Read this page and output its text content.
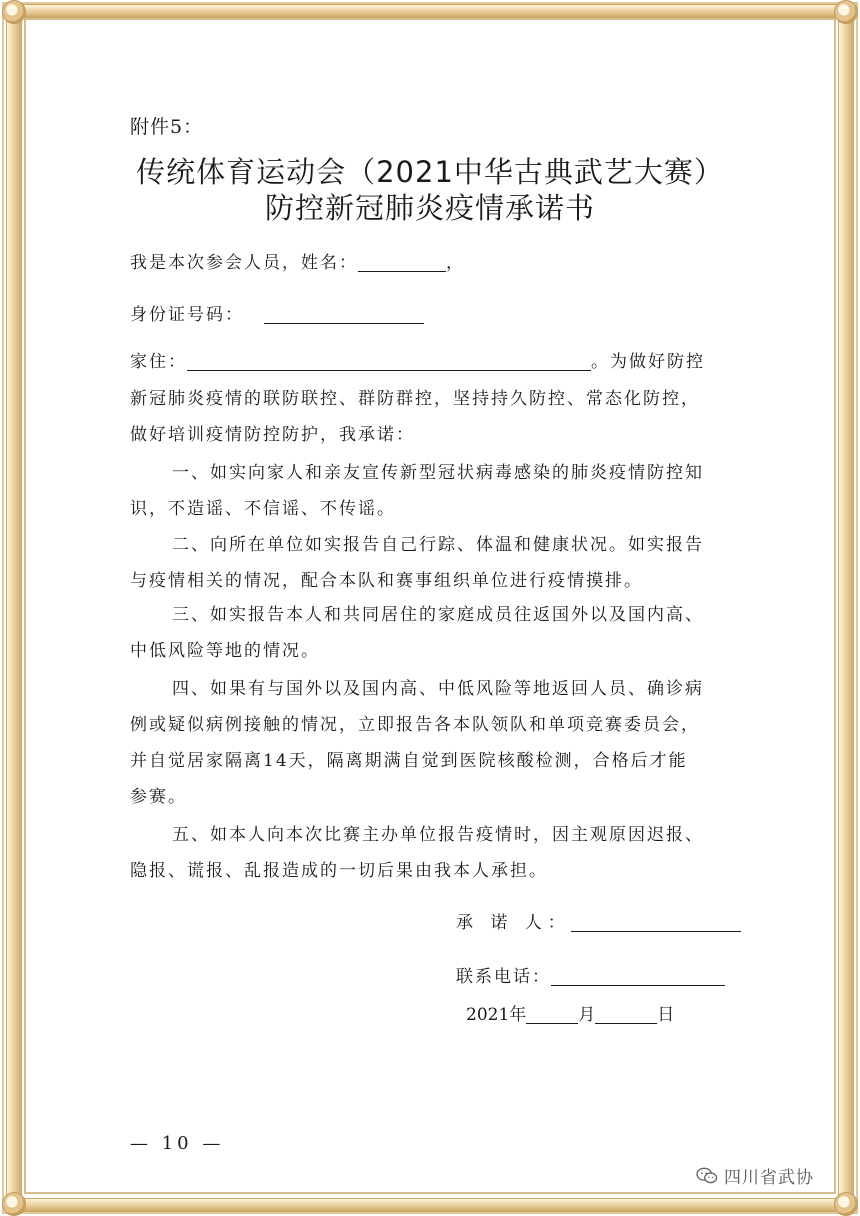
附件5：
传统体育运动会（2021中华古典武艺大赛）
防控新冠肺炎疫情承诺书
我是本次参会人员，姓名：	，
身份证号码：
家住：	。为做好防控
新冠肺炎疫情的联防联控、群防群控，坚持持久防控、常态化防控，
做好培训疫情防控防护，我承诺：
一、如实向家人和亲友宣传新型冠状病毒感染的肺炎疫情防控知
识，不造谣、不信谣、不传谣。
二、向所在单位如实报告自己行踪、体温和健康状况。如实报告
与疫情相关的情况，配合本队和赛事组织单位进行疫情摸排。
三、如实报告本人和共同居住的家庭成员往返国外以及国内高、
中低风险等地的情况。
四、如果有与国外以及国内高、中低风险等地返回人员、确诊病
例或疑似病例接触的情况，立即报告各本队领队和单项竞赛委员会，
并自觉居家隔离14天，隔离期满自觉到医院核酸检测，合格后才能
参赛。
五、如本人向本次比赛主办单位报告疫情时，因主观原因迟报、
隐报、谎报、乱报造成的一切后果由我本人承担。
承 诺 人：
联系电话：
2021年	月	日
— 10 —
四川省武协
